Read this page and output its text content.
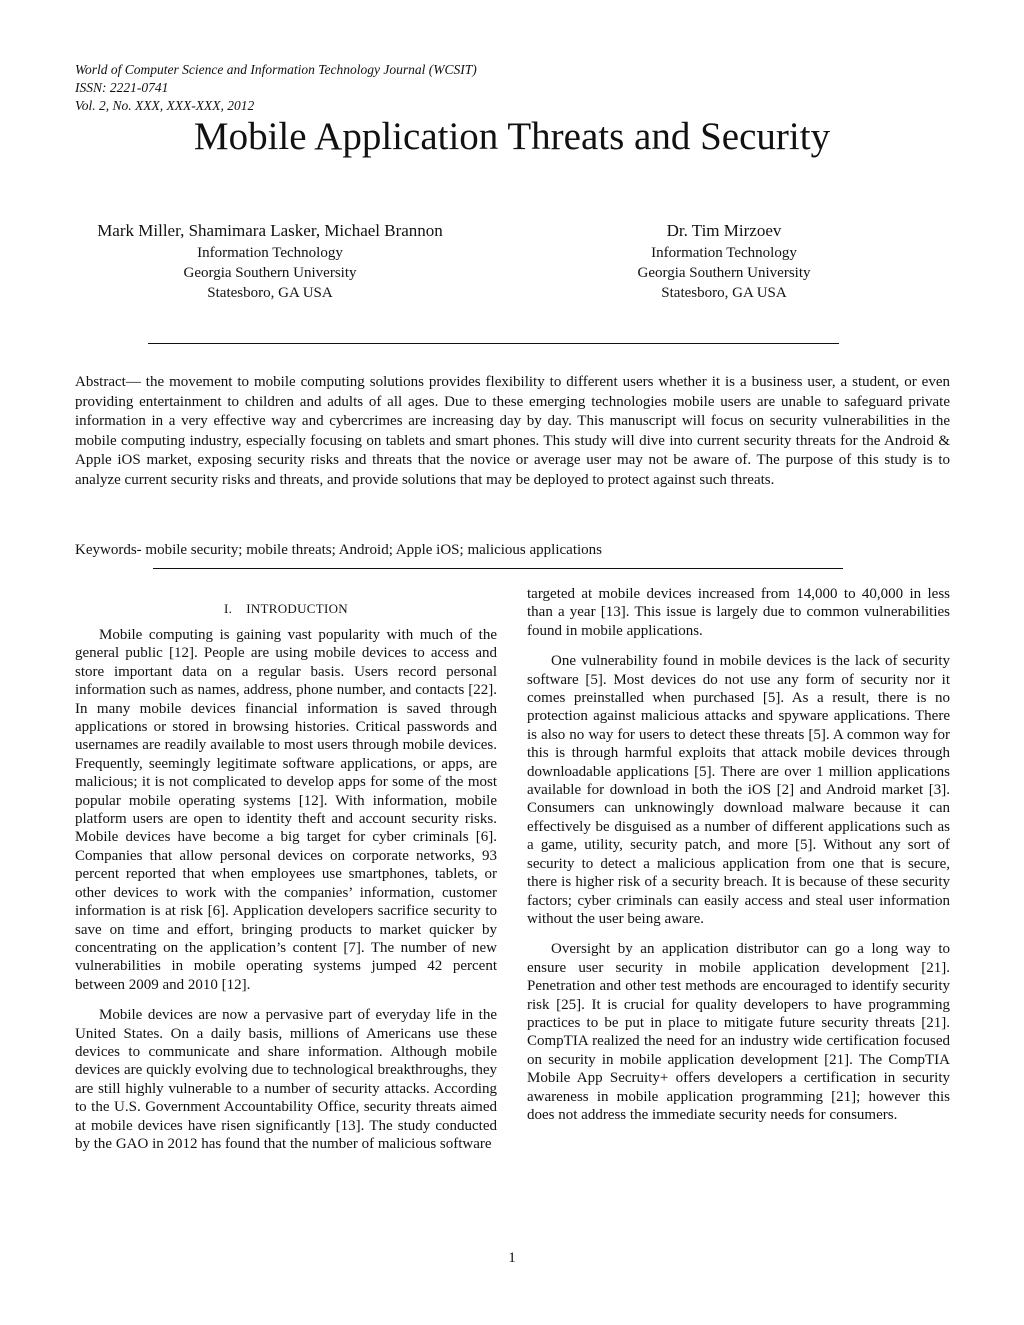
World of Computer Science and Information Technology Journal (WCSIT)
ISSN: 2221-0741
Vol. 2, No. XXX, XXX-XXX, 2012
Mobile Application Threats and Security
Mark Miller, Shamimara Lasker, Michael Brannon
Information Technology
Georgia Southern University
Statesboro, GA USA
Dr. Tim Mirzoev
Information Technology
Georgia Southern University
Statesboro, GA USA

Abstract— the movement to mobile computing solutions provides flexibility to different users whether it is a business user, a student, or even providing entertainment to children and adults of all ages. Due to these emerging technologies mobile users are unable to safeguard private information in a very effective way and cybercrimes are increasing day by day. This manuscript will focus on security vulnerabilities in the mobile computing industry, especially focusing on tablets and smart phones. This study will dive into current security threats for the Android & Apple iOS market, exposing security risks and threats that the novice or average user may not be aware of. The purpose of this study is to analyze current security risks and threats, and provide solutions that may be deployed to protect against such threats.

Keywords- mobile security; mobile threats; Android; Apple iOS; malicious applications

I. INTRODUCTION

Mobile computing is gaining vast popularity with much of the general public [12]. People are using mobile devices to access and store important data on a regular basis. Users record personal information such as names, address, phone number, and contacts [22]. In many mobile devices financial information is saved through applications or stored in browsing histories. Critical passwords and usernames are readily available to most users through mobile devices. Frequently, seemingly legitimate software applications, or apps, are malicious; it is not complicated to develop apps for some of the most popular mobile operating systems [12]. With information, mobile platform users are open to identity theft and account security risks. Mobile devices have become a big target for cyber criminals [6]. Companies that allow personal devices on corporate networks, 93 percent reported that when employees use smartphones, tablets, or other devices to work with the companies’ information, customer information is at risk [6]. Application developers sacrifice security to save on time and effort, bringing products to market quicker by concentrating on the application’s content [7]. The number of new vulnerabilities in mobile operating systems jumped 42 percent between 2009 and 2010 [12].

Mobile devices are now a pervasive part of everyday life in the United States. On a daily basis, millions of Americans use these devices to communicate and share information. Although mobile devices are quickly evolving due to technological breakthroughs, they are still highly vulnerable to a number of security attacks. According to the U.S. Government Accountability Office, security threats aimed at mobile devices have risen significantly [13]. The study conducted by the GAO in 2012 has found that the number of malicious software

targeted at mobile devices increased from 14,000 to 40,000 in less than a year [13]. This issue is largely due to common vulnerabilities found in mobile applications.

One vulnerability found in mobile devices is the lack of security software [5]. Most devices do not use any form of security nor it comes preinstalled when purchased [5]. As a result, there is no protection against malicious attacks and spyware applications. There is also no way for users to detect these threats [5]. A common way for this is through harmful exploits that attack mobile devices through downloadable applications [5]. There are over 1 million applications available for download in both the iOS [2] and Android market [3]. Consumers can unknowingly download malware because it can effectively be disguised as a number of different applications such as a game, utility, security patch, and more [5]. Without any sort of security to detect a malicious application from one that is secure, there is higher risk of a security breach. It is because of these security factors; cyber criminals can easily access and steal user information without the user being aware.

Oversight by an application distributor can go a long way to ensure user security in mobile application development [21]. Penetration and other test methods are encouraged to identify security risk [25]. It is crucial for quality developers to have programming practices to be put in place to mitigate future security threats [21]. CompTIA realized the need for an industry wide certification focused on security in mobile application development [21]. The CompTIA Mobile App Secruity+ offers developers a certification in security awareness in mobile application programming [21]; however this does not address the immediate security needs for consumers.

1
